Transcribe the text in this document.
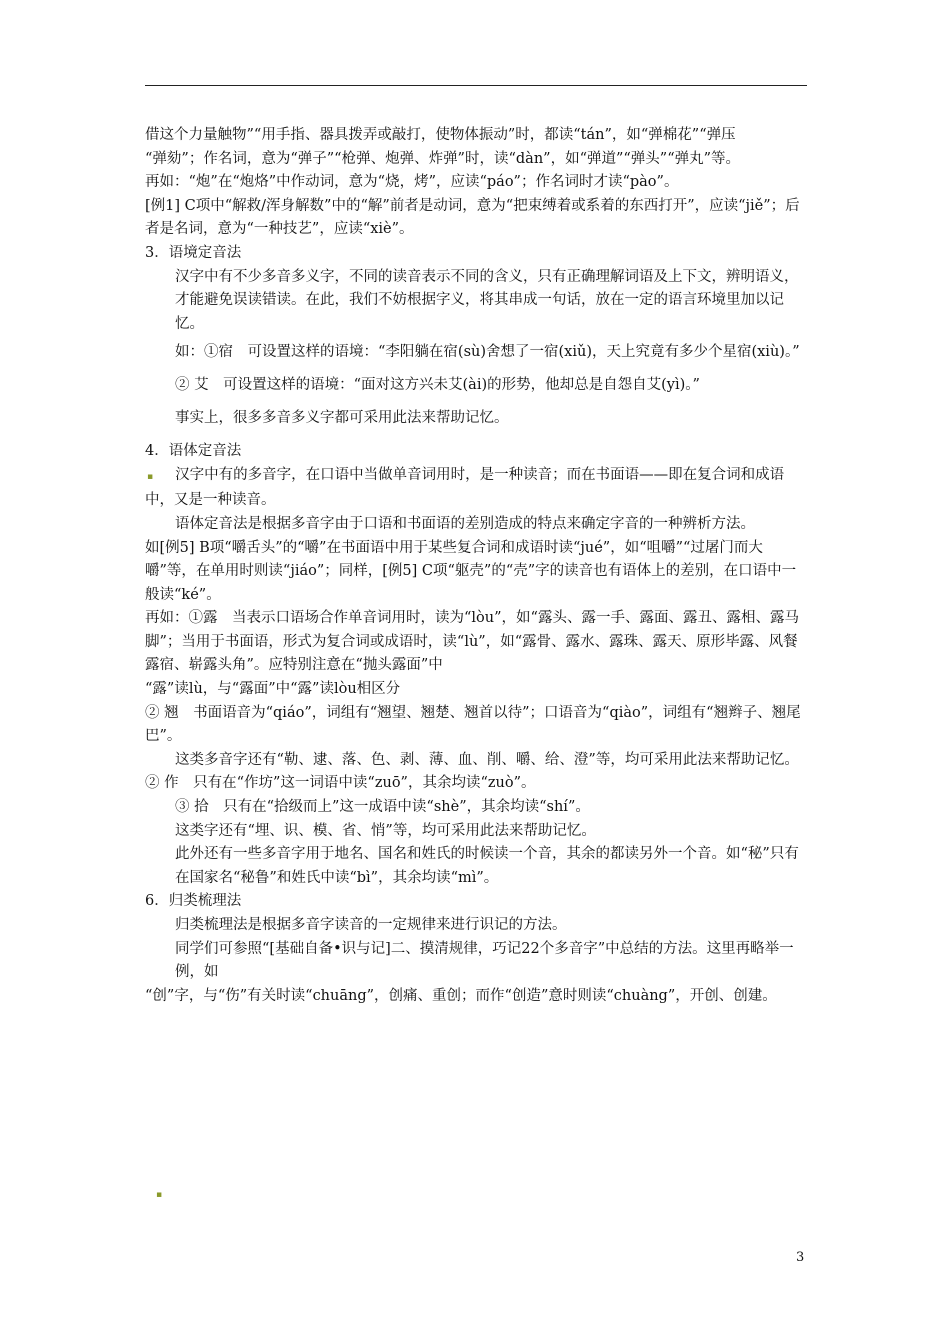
借这个力量触物”“用手指、器具拨弄或敲打，使物体振动”时，都读“tán”，如“弹棉花”“弹压

“弹劾”；作名词，意为“弹子”“枪弹、炮弹、炸弹”时，读“dàn”，如“弹道”“弹头”“弹丸”等。

再如：“炮”在“炮烙”中作动词，意为“烧，烤”，应读“páo”；作名词时才读“pào”。

[例1] C项中“解救/浑身解数”中的“解”前者是动词，意为“把束缚着或系着的东西打开”，应读“jiě”；后者是名词，意为“一种技艺”，应读“xiè”。

3．语境定音法

汉字中有不少多音多义字，不同的读音表示不同的含义，只有正确理解词语及上下文，辨明语义，才能避免误读错读。在此，我们不妨根据字义，将其串成一句话，放在一定的语言环境里加以记忆。

如：①宿　可设置这样的语境：“李阳躺在宿(sù)舍想了一宿(xiǔ)，天上究竟有多少个星宿(xiù)。”

② 艾　可设置这样的语境：“面对这方兴未艾(ài)的形势，他却总是自怨自艾(yì)。”

事实上，很多多音多义字都可采用此法来帮助记忆。

4．语体定音法

▪ 汉字中有的多音字，在口语中当做单音词用时，是一种读音；而在书面语——即在复合词和成语中，又是一种读音。

语体定音法是根据多音字由于口语和书面语的差别造成的特点来确定字音的一种辨析方法。

如[例5] B项“嚼舌头”的“嚼”在书面语中用于某些复合词和成语时读“jué”，如“咀嚼”“过屠门而大嚼”等，在单用时则读“jiáo”；同样，[例5] C项“躯壳”的“壳”字的读音也有语体上的差别，在口语中一般读“ké”。

再如：①露　当表示口语场合作单音词用时，读为“lòu”，如“露头、露一手、露面、露丑、露相、露马脚”；当用于书面语，形式为复合词或成语时，读“lù”，如“露骨、露水、露珠、露天、原形毕露、风餐露宿、崭露头角”。应特别注意在“抛头露面”中

“露”读lù，与“露面”中“露”读lòu相区分

② 翘　书面语音为“qiáo”，词组有“翘望、翘楚、翘首以待”；口语音为“qiào”，词组有“翘辫子、翘尾巴”。

这类多音字还有“勒、逮、落、色、剥、薄、血、削、嚼、给、澄”等，均可采用此法来帮助记忆。

② 作　只有在“作坊”这一词语中读“zuō”，其余均读“zuò”。

③ 拾　只有在“拾级而上”这一成语中读“shè”，其余均读“shí”。

这类字还有“埋、识、模、省、悄”等，均可采用此法来帮助记忆。

此外还有一些多音字用于地名、国名和姓氏的时候读一个音，其余的都读另外一个音。如“秘”只有在国家名“秘鲁”和姓氏中读“bì”，其余均读“mì”。

6．归类梳理法

归类梳理法是根据多音字读音的一定规律来进行识记的方法。

同学们可参照“[基础自备•识与记]二、摸清规律，巧记22个多音字”中总结的方法。这里再略举一例，如

“创”字，与“伤”有关时读“chuāng”，创痛、重创；而作“创造”意时则读“chuàng”，开创、创建。

▪
3
